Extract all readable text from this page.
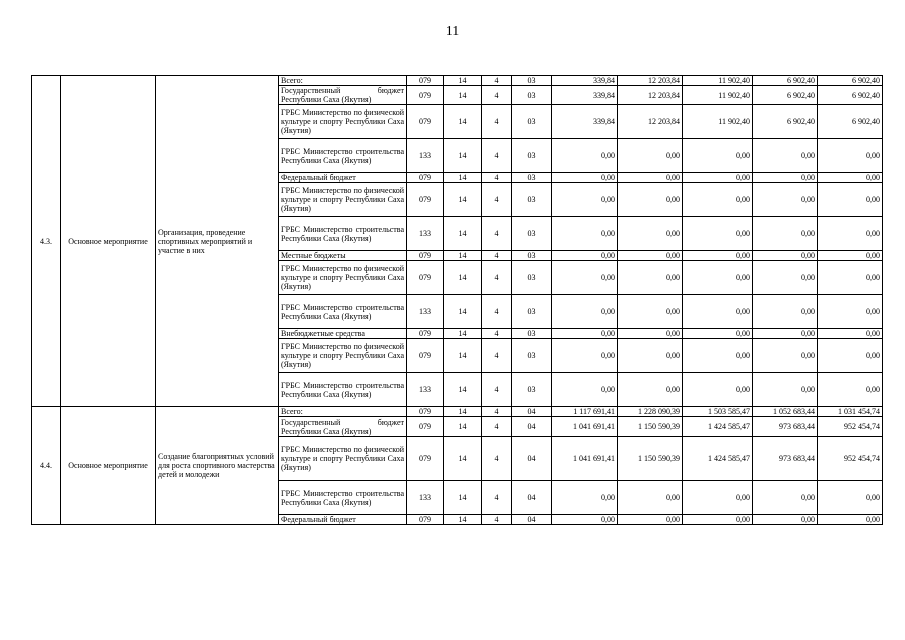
11
4.3.	Основное мероприятие	Организация, проведение спортивных мероприятий и участие в них	Всего:	079	14	4	03	339,84	12 203,84	11 902,40	6 902,40	6 902,40
			Государственный бюджет Республики Саха (Якутия)	079	14	4	03	339,84	12 203,84	11 902,40	6 902,40	6 902,40
			ГРБС Министерство по физической культуре и спорту Республики Саха (Якутия)	079	14	4	03	339,84	12 203,84	11 902,40	6 902,40	6 902,40
			ГРБС Министерство строительства Республики Саха (Якутия)	133	14	4	03	0,00	0,00	0,00	0,00	0,00
			Федеральный бюджет	079	14	4	03	0,00	0,00	0,00	0,00	0,00
			ГРБС Министерство по физической культуре и спорту Республики Саха (Якутия)	079	14	4	03	0,00	0,00	0,00	0,00	0,00
			ГРБС Министерство строительства Республики Саха (Якутия)	133	14	4	03	0,00	0,00	0,00	0,00	0,00
			Местные бюджеты	079	14	4	03	0,00	0,00	0,00	0,00	0,00
			ГРБС Министерство по физической культуре и спорту Республики Саха (Якутия)	079	14	4	03	0,00	0,00	0,00	0,00	0,00
			ГРБС Министерство строительства Республики Саха (Якутия)	133	14	4	03	0,00	0,00	0,00	0,00	0,00
			Внебюджетные средства	079	14	4	03	0,00	0,00	0,00	0,00	0,00
			ГРБС Министерство по физической культуре и спорту Республики Саха (Якутия)	079	14	4	03	0,00	0,00	0,00	0,00	0,00
			ГРБС Министерство строительства Республики Саха (Якутия)	133	14	4	03	0,00	0,00	0,00	0,00	0,00
4.4.	Основное мероприятие	Создание благоприятных условий для роста спортивного мастерства детей и молодежи	Всего:	079	14	4	04	1 117 691,41	1 228 090,39	1 503 585,47	1 052 683,44	1 031 454,74
			Государственный бюджет Республики Саха (Якутия)	079	14	4	04	1 041 691,41	1 150 590,39	1 424 585,47	973 683,44	952 454,74
			ГРБС Министерство по физической культуре и спорту Республики Саха (Якутия)	079	14	4	04	1 041 691,41	1 150 590,39	1 424 585,47	973 683,44	952 454,74
			ГРБС Министерство строительства Республики Саха (Якутия)	133	14	4	04	0,00	0,00	0,00	0,00	0,00
			Федеральный бюджет	079	14	4	04	0,00	0,00	0,00	0,00	0,00
